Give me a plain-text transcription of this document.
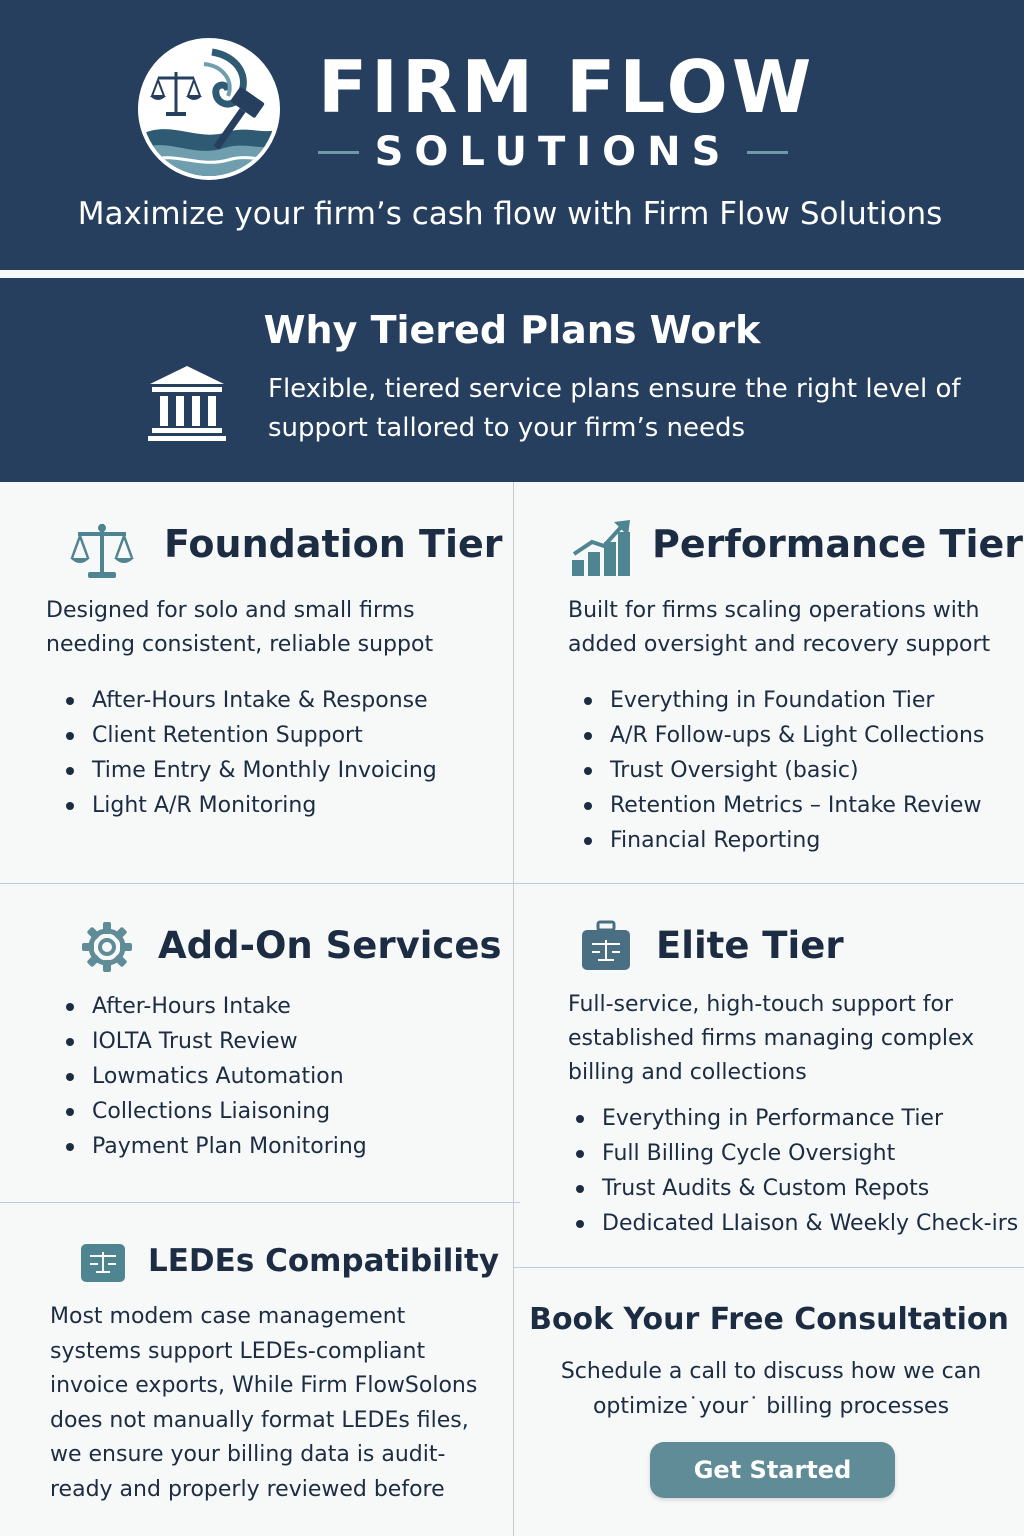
FIRM FLOW
SOLUTIONS
Maximize your firm’s cash flow with Firm Flow Solutions
Why Tiered Plans Work
Flexible, tiered service plans ensure the right level of support tallored to your firm’s needs
Foundation Tier
Designed for solo and small firms needing consistent, reliable suppot
After-Hours Intake & Response
Client Retention Support
Time Entry & Monthly Invoicing
Light A/R Monitoring
Performance Tier
Built for firms scaling operations with added oversight and recovery support
Everything in Foundation Tier
A/R Follow-ups & Light Collections
Trust Oversight (basic)
Retention Metrics – Intake Review
Financial Reporting
Add-On Services
After-Hours Intake
IOLTA Trust Review
Lowmatics Automation
Collections Liaisoning
Payment Plan Monitoring
Elite Tier
Full-service, high-touch support for established firms managing complex billing and collections
Everything in Performance Tier
Full Billing Cycle Oversight
Trust Audits & Custom Repots
Dedicated LIaison & Weekly Check-irs
LEDEs Compatibility
Most modem case management systems support LEDEs-compliant invoice exports, While Firm FlowSolons does not manually format LEDEs files, we ensure your billing data is audit-ready and properly reviewed before
Book Your Free Consultation
Schedule a call to discuss how we can optimize˙your˙ billing processes
Get Started
